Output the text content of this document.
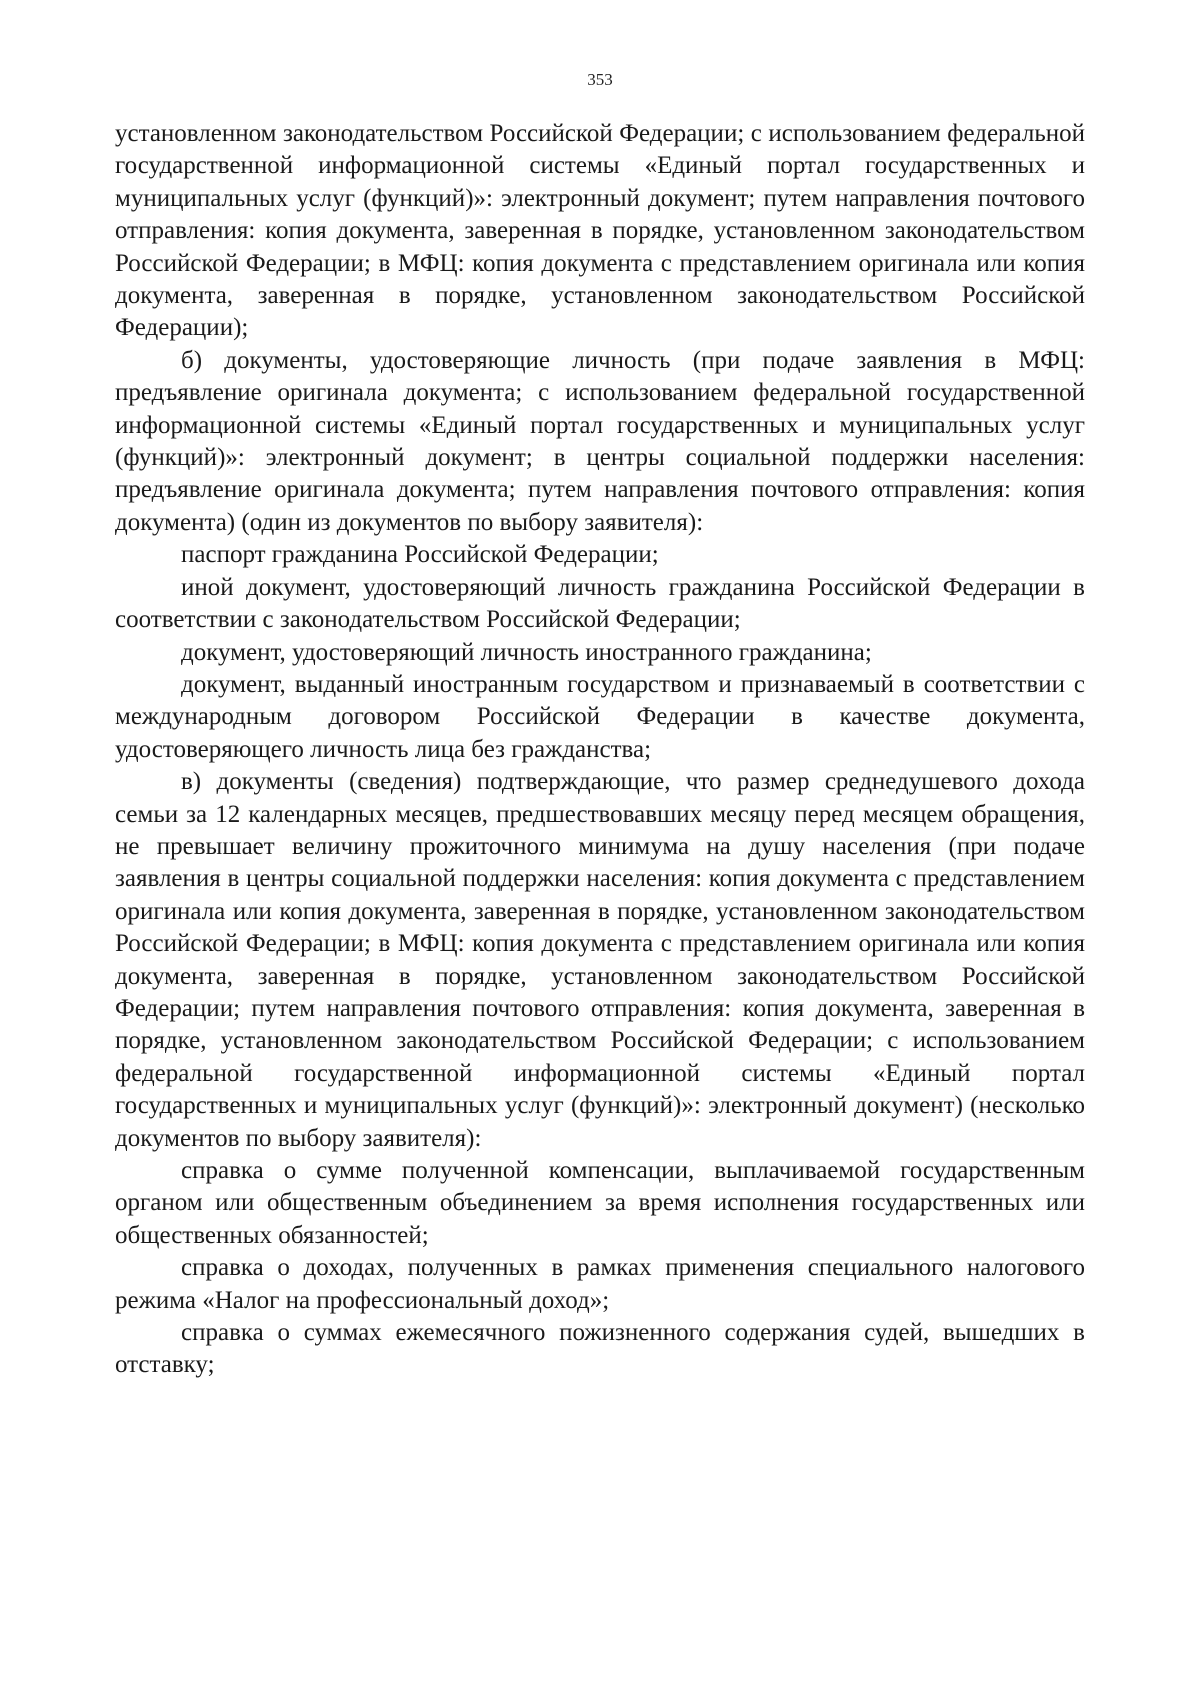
353

установленном законодательством Российской Федерации; с использованием федеральной государственной информационной системы «Единый портал государственных и муниципальных услуг (функций)»: электронный документ; путем направления почтового отправления: копия документа, заверенная в порядке, установленном законодательством Российской Федерации; в МФЦ: копия документа с представлением оригинала или копия документа, заверенная в порядке, установленном законодательством Российской Федерации);

б) документы, удостоверяющие личность (при подаче заявления в МФЦ: предъявление оригинала документа; с использованием федеральной государственной информационной системы «Единый портал государственных и муниципальных услуг (функций)»: электронный документ; в центры социальной поддержки населения: предъявление оригинала документа; путем направления почтового отправления: копия документа) (один из документов по выбору заявителя):

паспорт гражданина Российской Федерации;

иной документ, удостоверяющий личность гражданина Российской Федерации в соответствии с законодательством Российской Федерации;

документ, удостоверяющий личность иностранного гражданина;

документ, выданный иностранным государством и признаваемый в соответствии с международным договором Российской Федерации в качестве документа, удостоверяющего личность лица без гражданства;

в) документы (сведения) подтверждающие, что размер среднедушевого дохода семьи за 12 календарных месяцев, предшествовавших месяцу перед месяцем обращения, не превышает величину прожиточного минимума на душу населения (при подаче заявления в центры социальной поддержки населения: копия документа с представлением оригинала или копия документа, заверенная в порядке, установленном законодательством Российской Федерации; в МФЦ: копия документа с представлением оригинала или копия документа, заверенная в порядке, установленном законодательством Российской Федерации; путем направления почтового отправления: копия документа, заверенная в порядке, установленном законодательством Российской Федерации; с использованием федеральной государственной информационной системы «Единый портал государственных и муниципальных услуг (функций)»: электронный документ) (несколько документов по выбору заявителя):

справка о сумме полученной компенсации, выплачиваемой государственным органом или общественным объединением за время исполнения государственных или общественных обязанностей;

справка о доходах, полученных в рамках применения специального налогового режима «Налог на профессиональный доход»;

справка о суммах ежемесячного пожизненного содержания судей, вышедших в отставку;
